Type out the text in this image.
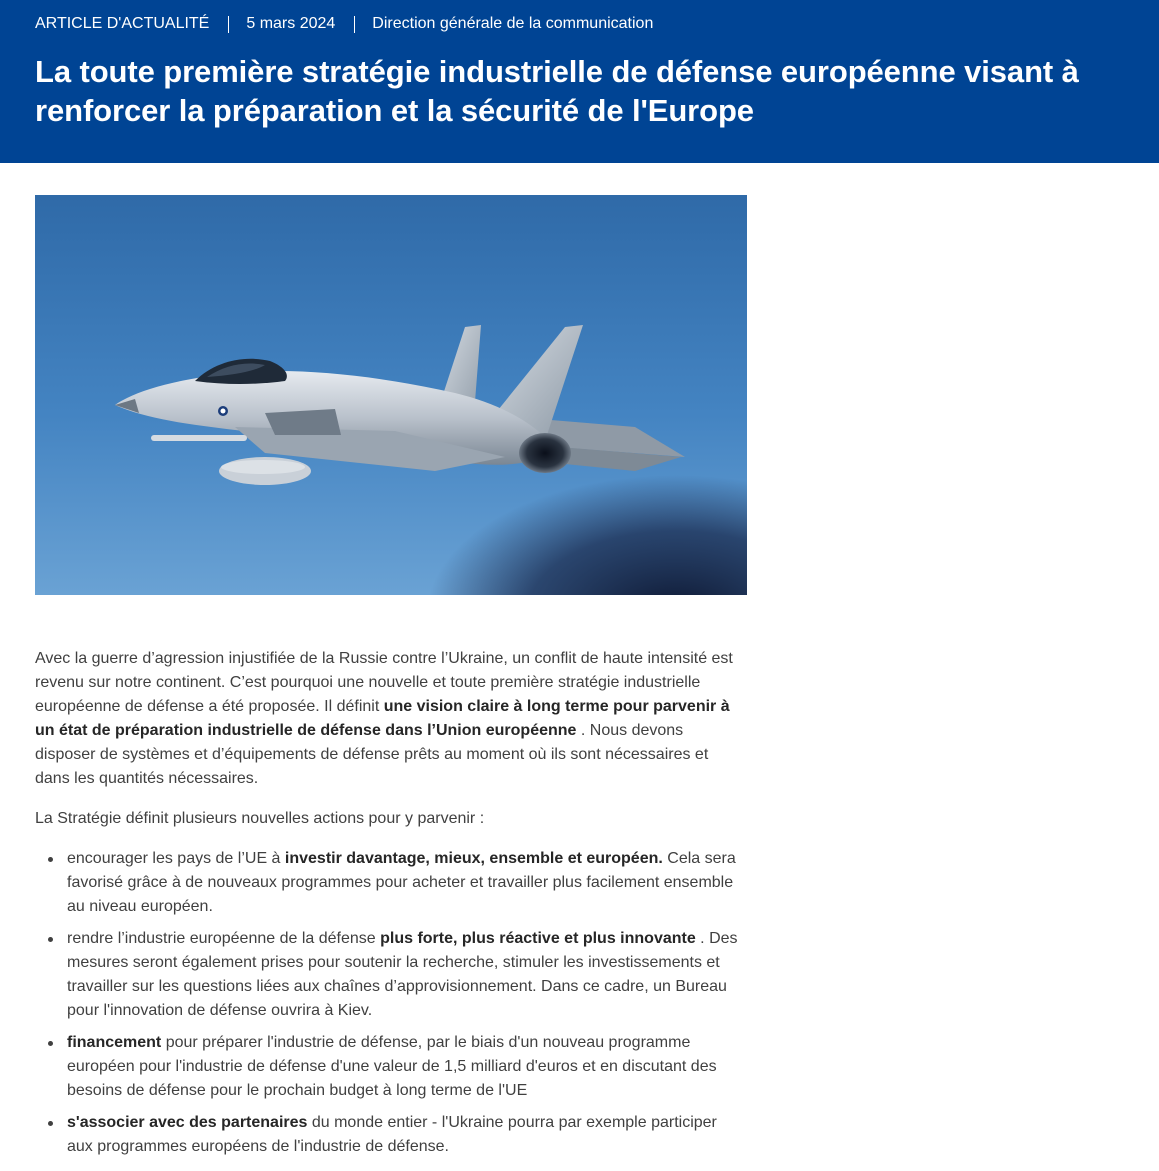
ARTICLE D'ACTUALITÉ 5 mars 2024 Direction générale de la communication
La toute première stratégie industrielle de défense européenne visant à renforcer la préparation et la sécurité de l'Europe

Avec la guerre d’agression injustifiée de la Russie contre l’Ukraine, un conflit de haute intensité est revenu sur notre continent. C’est pourquoi une nouvelle et toute première stratégie industrielle européenne de défense a été proposée. Il définit une vision claire à long terme pour parvenir à un état de préparation industrielle de défense dans l’Union européenne . Nous devons disposer de systèmes et d’équipements de défense prêts au moment où ils sont nécessaires et dans les quantités nécessaires.

La Stratégie définit plusieurs nouvelles actions pour y parvenir :

encourager les pays de l’UE à investir davantage, mieux, ensemble et européen. Cela sera favorisé grâce à de nouveaux programmes pour acheter et travailler plus facilement ensemble au niveau européen.
rendre l’industrie européenne de la défense plus forte, plus réactive et plus innovante . Des mesures seront également prises pour soutenir la recherche, stimuler les investissements et travailler sur les questions liées aux chaînes d’approvisionnement. Dans ce cadre, un Bureau pour l'innovation de défense ouvrira à Kiev.
financement pour préparer l'industrie de défense, par le biais d'un nouveau programme européen pour l'industrie de défense d'une valeur de 1,5 milliard d'euros et en discutant des besoins de défense pour le prochain budget à long terme de l'UE
s'associer avec des partenaires du monde entier - l'Ukraine pourra par exemple participer aux programmes européens de l'industrie de défense.
